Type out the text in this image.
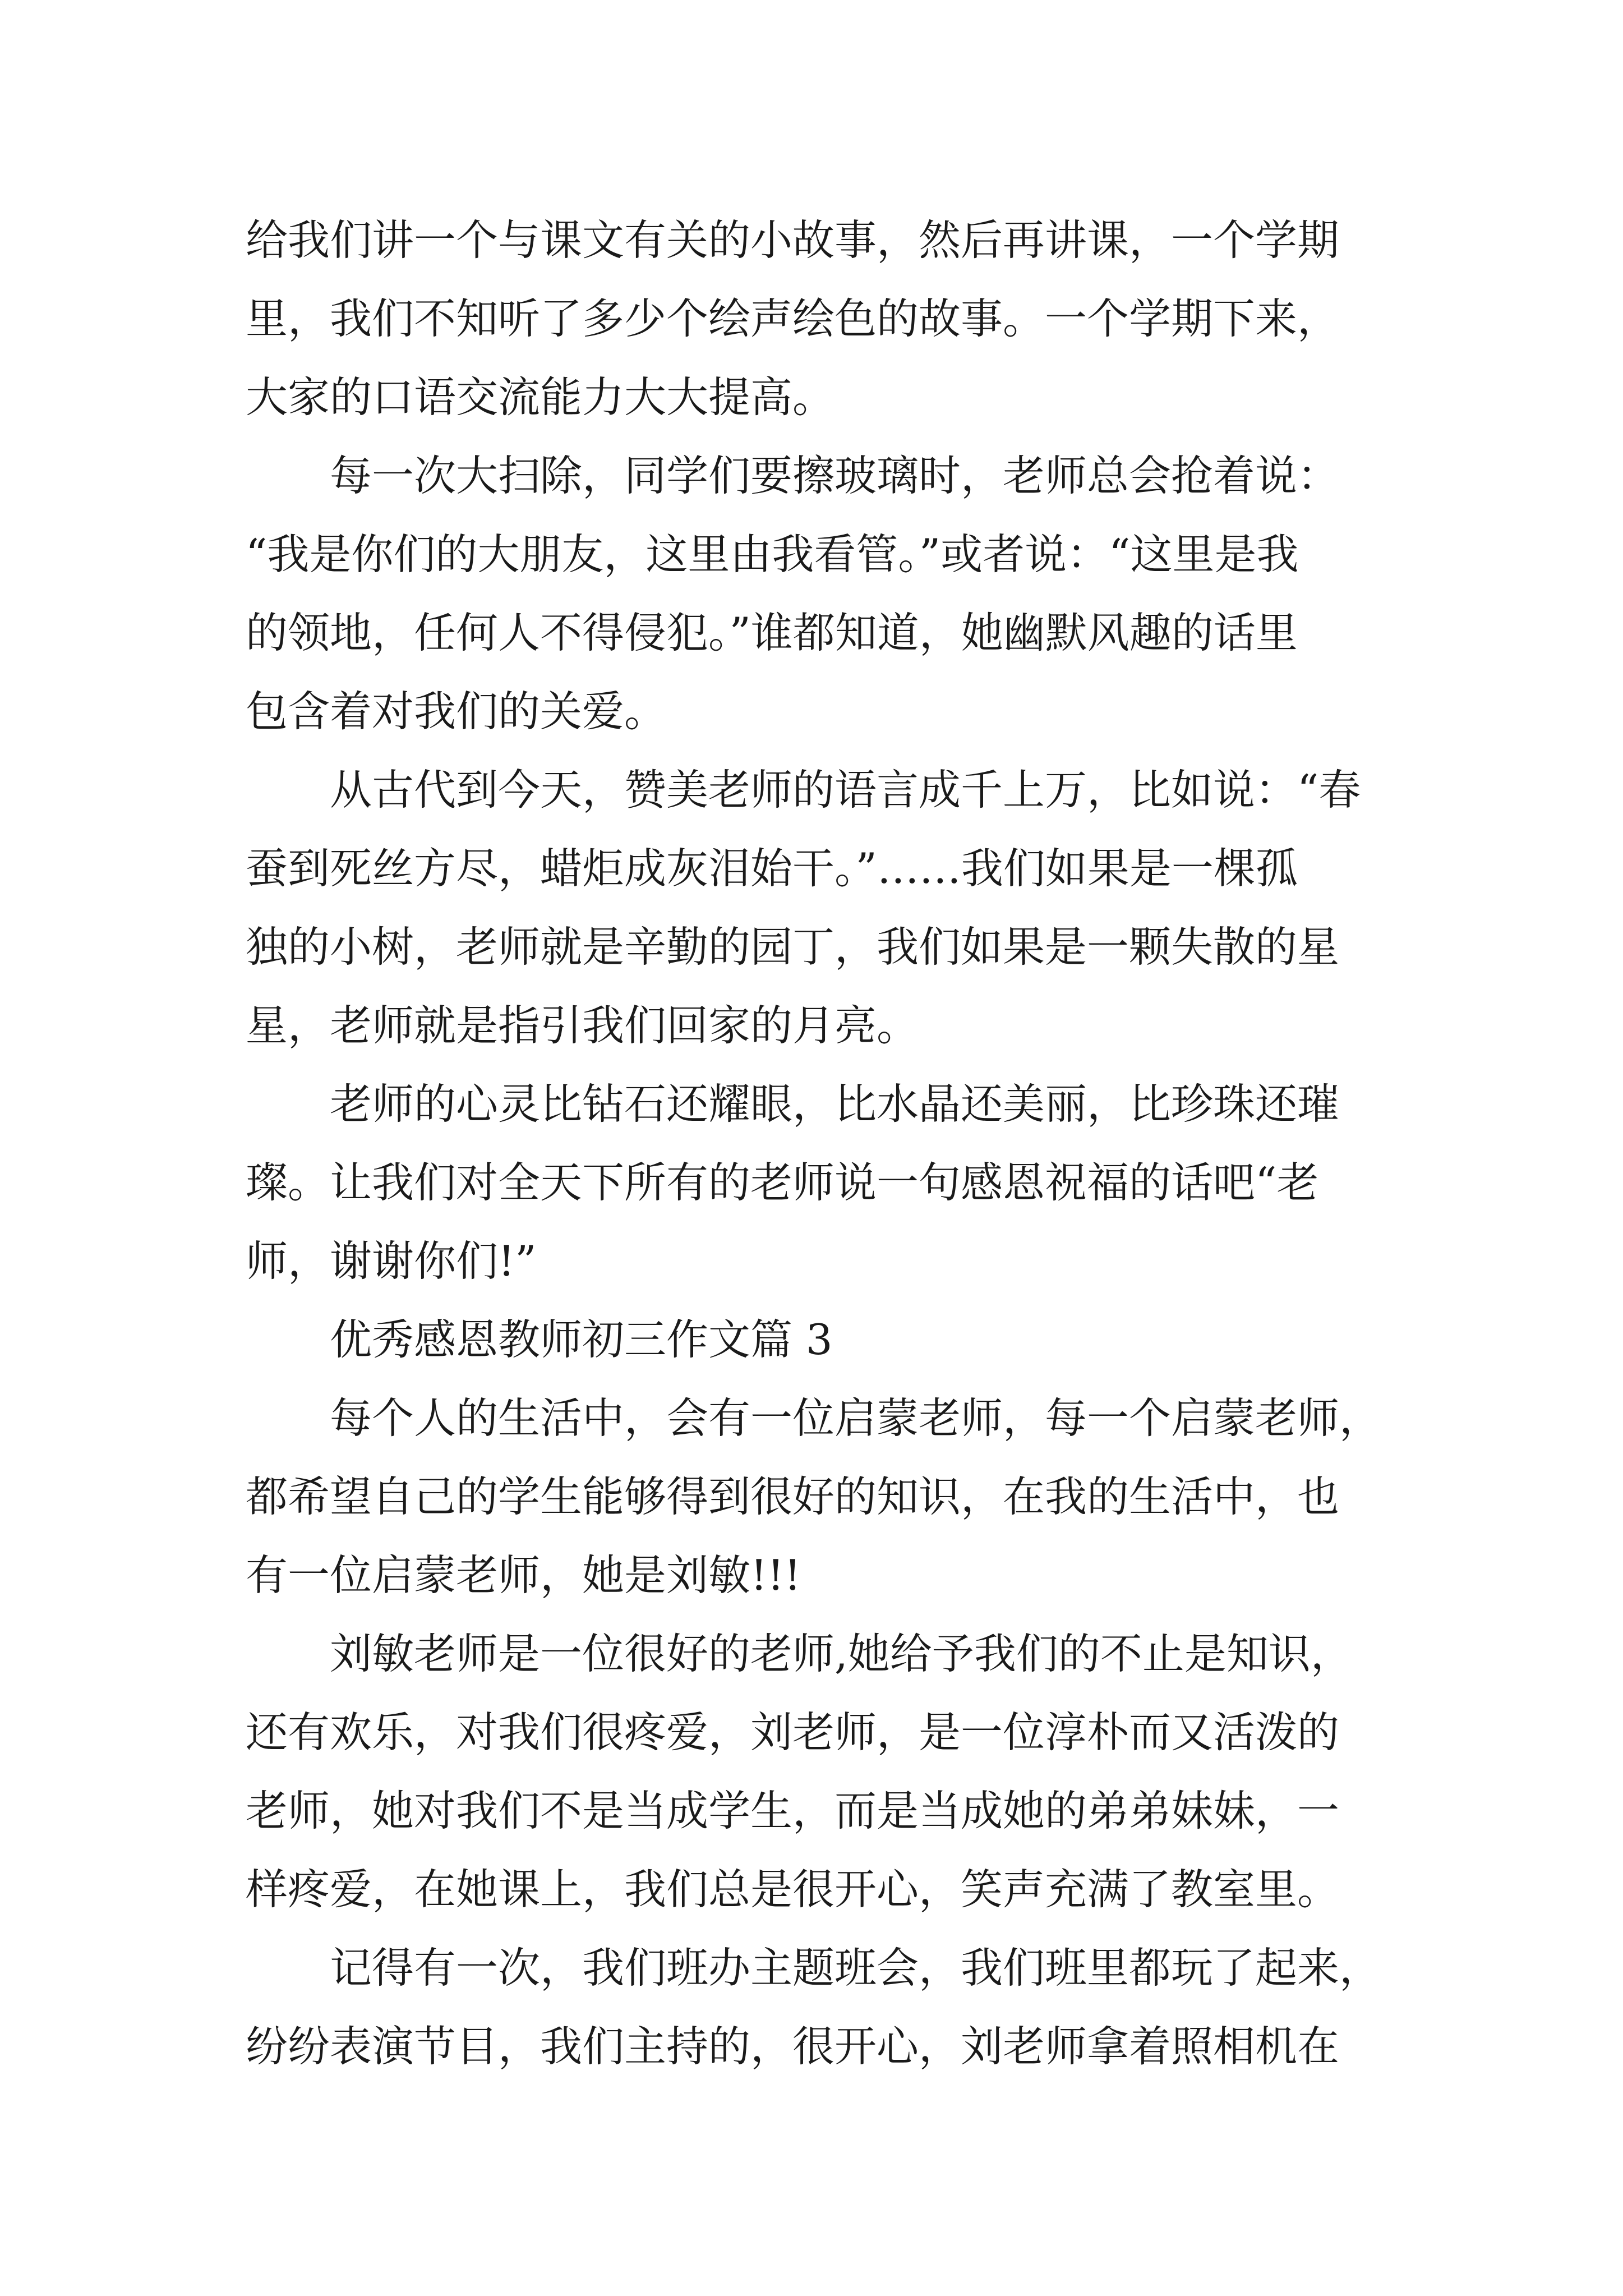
给我们讲一个与课文有关的小故事，然后再讲课，一个学期
里，我们不知听了多少个绘声绘色的故事。一个学期下来，
大家的口语交流能力大大提高。
每一次大扫除，同学们要擦玻璃时，老师总会抢着说：
“我是你们的大朋友，这里由我看管。”或者说：“这里是我
的领地，任何人不得侵犯。”谁都知道，她幽默风趣的话里
包含着对我们的关爱。
从古代到今天，赞美老师的语言成千上万，比如说：“春
蚕到死丝方尽，蜡炬成灰泪始干。”……我们如果是一棵孤
独的小树，老师就是辛勤的园丁，我们如果是一颗失散的星
星，老师就是指引我们回家的月亮。
老师的心灵比钻石还耀眼，比水晶还美丽，比珍珠还璀
璨。让我们对全天下所有的老师说一句感恩祝福的话吧“老
师，谢谢你们!”
优秀感恩教师初三作文篇 3
每个人的生活中，会有一位启蒙老师，每一个启蒙老师，
都希望自己的学生能够得到很好的知识，在我的生活中，也
有一位启蒙老师，她是刘敏!!!
刘敏老师是一位很好的老师,她给予我们的不止是知识，
还有欢乐，对我们很疼爱，刘老师，是一位淳朴而又活泼的
老师，她对我们不是当成学生，而是当成她的弟弟妹妹，一
样疼爱，在她课上，我们总是很开心，笑声充满了教室里。
记得有一次，我们班办主题班会，我们班里都玩了起来，
纷纷表演节目，我们主持的，很开心，刘老师拿着照相机在
